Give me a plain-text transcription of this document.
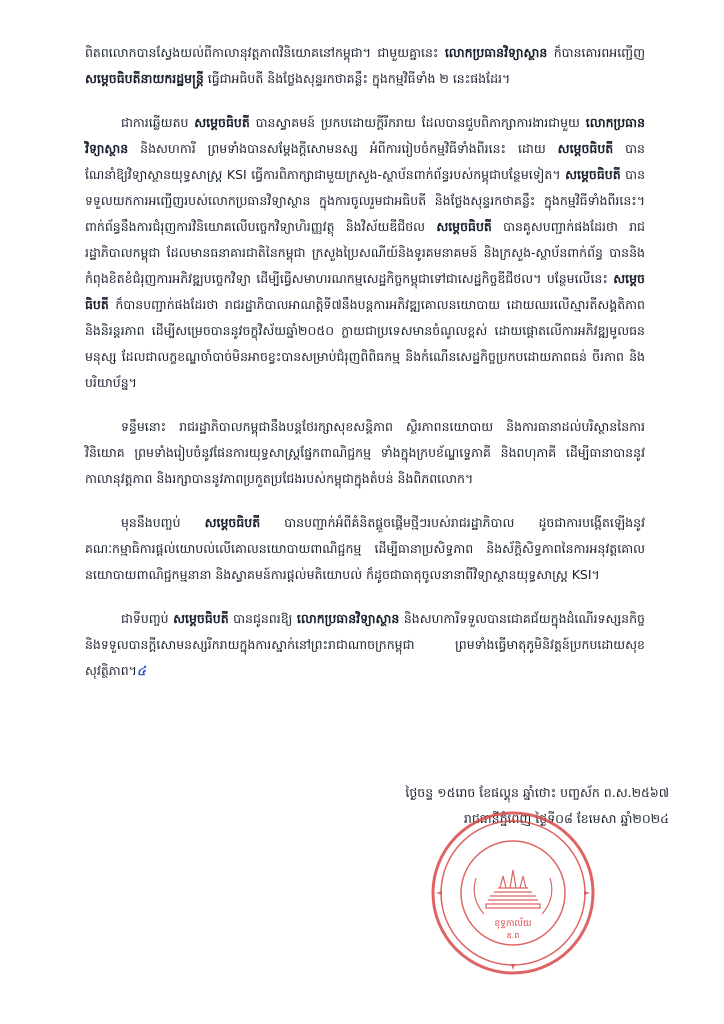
ពិតពលោកបានស្វែងយល់ពីកាលានុវត្តភាពវិនិយោគនៅកម្ពុជា។ ជាមួយគ្នានេះ លោកប្រធានវិទ្យាស្ថាន ក៏បានគោរពអញ្ជើញ សម្ដេចធិបតីនាយករដ្ឋមន្ត្រី ធ្វើជាអធិបតី និងថ្លែងសុន្ទរកថាគន្លឹះ ក្នុងកម្មវិធីទាំង ២ នេះផងដែរ។

ជាការឆ្លើយតប សម្ដេចធិបតី បានស្វាគមន៍ ប្រកបដោយក្ដីរីករាយ ដែលបានជួបពិភាក្សាការងារជាមួយ លោកប្រធានវិទ្យាស្ថាន និងសហការី ព្រមទាំងបានសម្ដែងក្ដីសោមនស្ស អំពីការរៀបចំកម្មវិធីទាំងពីរនេះ ដោយ សម្ដេចធិបតី បានណែនាំឱ្យវិទ្យាស្ថានយុទ្ធសាស្ត្រ KSI ធ្វើការពិភាក្សាជាមួយក្រសួង-ស្ថាប័នពាក់ព័ន្ធរបស់កម្ពុជាបន្ថែមទៀត។ សម្ដេចធិបតី បានទទួលយកការអញ្ជើញរបស់លោកប្រធានវិទ្យាស្ថាន ក្នុងការចូលរួមជាអធិបតី និងថ្លែងសុន្ទរកថាគន្លឹះ ក្នុងកម្មវិធីទាំងពីរនេះ។ ពាក់ព័ន្ធនឹងការជំរុញការវិនិយោគលើបច្ចេកវិទ្យាហិរញ្ញវត្ថុ និងវិស័យឌីជីថល សម្ដេចធិបតី បានគូសបញ្ជាក់ផងដែរថា រាជរដ្ឋាភិបាលកម្ពុជា ដែលមានធនាគារជាតិនៃកម្ពុជា ក្រសួងប្រៃសណីយ៍និងទូរគមនាគមន៍ និងក្រសួង-ស្ថាប័នពាក់ព័ន្ធ បាននិងកំពុងខិតខំជំរុញការអភិវឌ្ឍបច្ចេកវិទ្យា ដើម្បីធ្វើសមាហរណកម្មសេដ្ឋកិច្ចកម្ពុជាទៅជាសេដ្ឋកិច្ចឌីជីថល។ បន្ថែមលើនេះ សម្ដេចធិបតី ក៏បានបញ្ជាក់ផងដែរថា រាជរដ្ឋាភិបាលអាណត្តិទី៧នឹងបន្តការអភិវឌ្ឍគោលនយោបាយ ដោយឈរលើស្មារតីសង្គតិភាព និងនិរន្តរភាព ដើម្បីសម្រេចបាននូវចក្ខុវិស័យឆ្នាំ២០៥០ ក្លាយជាប្រទេសមានចំណូលខ្ពស់ ដោយផ្ដោតលើការអភិវឌ្ឍមូលធនមនុស្ស ដែលជាលក្ខខណ្ឌចាំបាច់មិនអាចខ្វះបានសម្រាប់ជំរុញពិពិធកម្ម និងកំណើនសេដ្ឋកិច្ចប្រកបដោយភាពធន់ ចីរភាព និងបរិយាប័ន្ន។

ទន្ទឹមនោះ រាជរដ្ឋាភិបាលកម្ពុជានឹងបន្តថែរក្សាសុខសន្តិភាព ស្ថិរភាពនយោបាយ និងការធានាដល់បរិស្ថាននៃការវិនិយោគ ព្រមទាំងរៀបចំនូវផែនការយុទ្ធសាស្ត្រផ្នែកពាណិជ្ជកម្ម ទាំងក្នុងក្របខ័ណ្ឌទ្វេភាគី និងពហុភាគី ដើម្បីធានាបាននូវកាលានុវត្តភាព និងរក្សាបាននូវភាពប្រកួតប្រជែងរបស់កម្ពុជាក្នុងតំបន់ និងពិភពលោក។

មុននឹងបញ្ចប់ សម្ដេចធិបតី បានបញ្ជាក់អំពីគំនិតផ្តួចផ្តើមថ្មីៗរបស់រាជរដ្ឋាភិបាល ដូចជាការបង្កើតឡើងនូវគណៈកម្មាធិការផ្ដល់យោបល់លើគោលនយោបាយពាណិជ្ជកម្ម ដើម្បីធានាប្រសិទ្ធភាព និងស័ក្តិសិទ្ធភាពនៃការអនុវត្តគោលនយោបាយពាណិជ្ជកម្មនានា និងស្វាគមន៍ការផ្ដល់មតិយោបល់ ក៏ដូចជាធាតុចូលនានាពីវិទ្យាស្ថានយុទ្ធសាស្ត្រ KSI។

ជាទីបញ្ចប់ សម្ដេចធិបតី បានជូនពរឱ្យ លោកប្រធានវិទ្យាស្ថាន និងសហការីទទួលបានជោគជ័យក្នុងដំណើរទស្សនកិច្ច និងទទួលបានក្ដីសោមនស្សរីករាយក្នុងការស្នាក់នៅព្រះរាជាណាចក្រកម្ពុជា ព្រមទាំងធ្វើមាតុភូមិនិវត្តន៍ប្រកបដោយសុខសុវត្ថិភាព។៤

ថ្ងៃចន្ទ ១៥រោច ខែផល្គុន ឆ្នាំថោះ បញ្ចស័ក ព.ស.២៥៦៧
រាជធានីភ្នំពេញ ថ្ងៃទី០៨ ខែមេសា ឆ្នាំ២០២៤
ខុទ្ទកាល័យ
ឧ.ព
